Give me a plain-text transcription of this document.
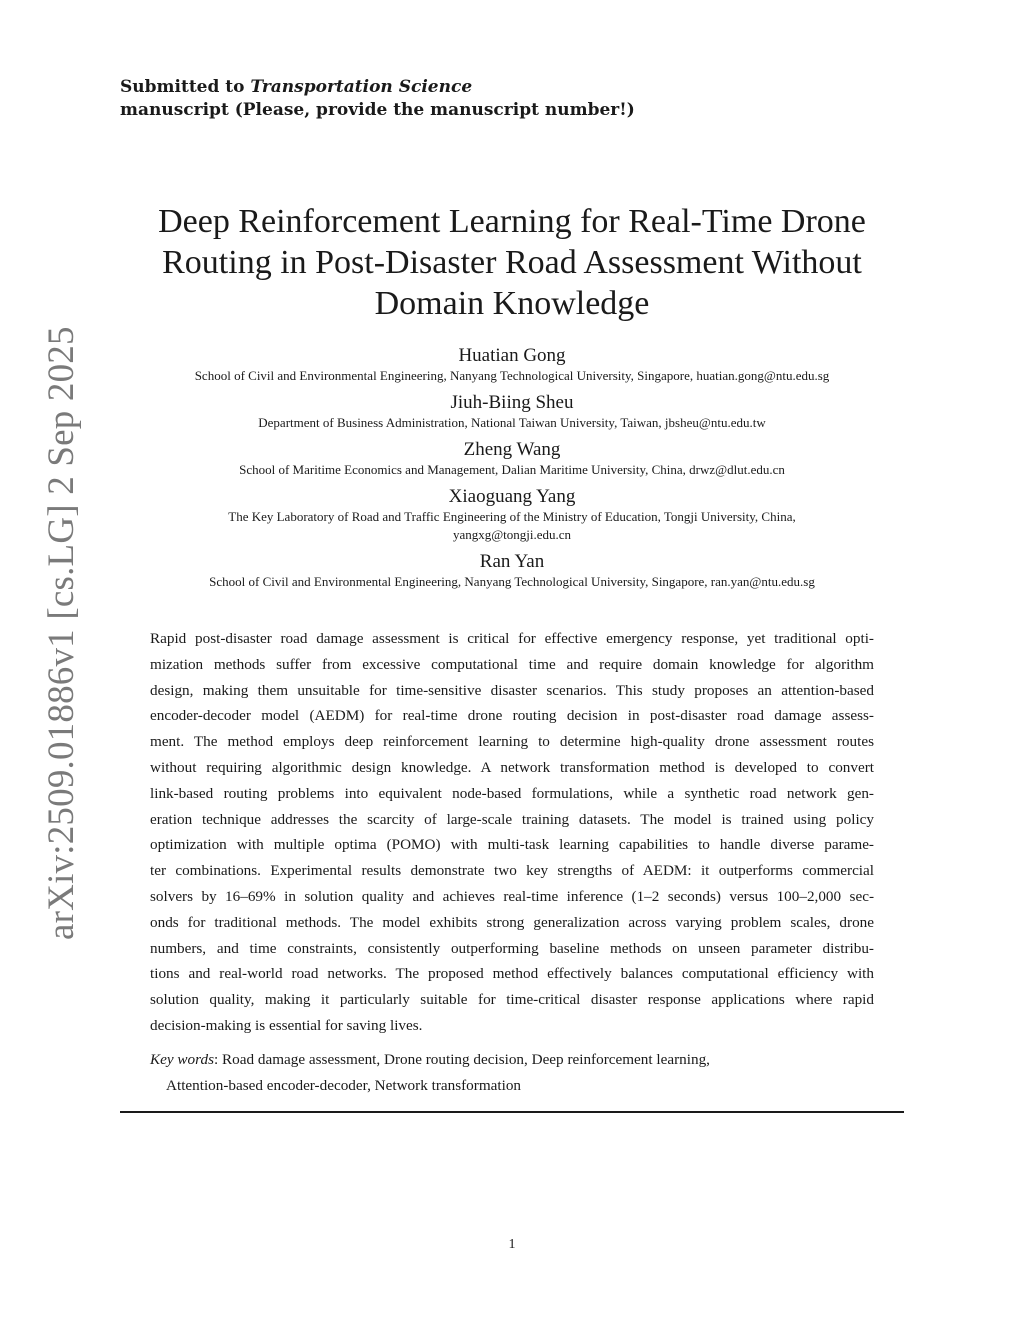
Submitted to Transportation Science
manuscript (Please, provide the manuscript number!)
arXiv:2509.01886v1 [cs.LG] 2 Sep 2025
Deep Reinforcement Learning for Real-Time Drone
Routing in Post-Disaster Road Assessment Without
Domain Knowledge
Huatian Gong
School of Civil and Environmental Engineering, Nanyang Technological University, Singapore, huatian.gong@ntu.edu.sg
Jiuh-Biing Sheu
Department of Business Administration, National Taiwan University, Taiwan, jbsheu@ntu.edu.tw
Zheng Wang
School of Maritime Economics and Management, Dalian Maritime University, China, drwz@dlut.edu.cn
Xiaoguang Yang
The Key Laboratory of Road and Traffic Engineering of the Ministry of Education, Tongji University, China,
yangxg@tongji.edu.cn
Ran Yan
School of Civil and Environmental Engineering, Nanyang Technological University, Singapore, ran.yan@ntu.edu.sg
Rapid post-disaster road damage assessment is critical for effective emergency response, yet traditional opti-
mization methods suffer from excessive computational time and require domain knowledge for algorithm
design, making them unsuitable for time-sensitive disaster scenarios. This study proposes an attention-based
encoder-decoder model (AEDM) for real-time drone routing decision in post-disaster road damage assess-
ment. The method employs deep reinforcement learning to determine high-quality drone assessment routes
without requiring algorithmic design knowledge. A network transformation method is developed to convert
link-based routing problems into equivalent node-based formulations, while a synthetic road network gen-
eration technique addresses the scarcity of large-scale training datasets. The model is trained using policy
optimization with multiple optima (POMO) with multi-task learning capabilities to handle diverse parame-
ter combinations. Experimental results demonstrate two key strengths of AEDM: it outperforms commercial
solvers by 16–69% in solution quality and achieves real-time inference (1–2 seconds) versus 100–2,000 sec-
onds for traditional methods. The model exhibits strong generalization across varying problem scales, drone
numbers, and time constraints, consistently outperforming baseline methods on unseen parameter distribu-
tions and real-world road networks. The proposed method effectively balances computational efficiency with
solution quality, making it particularly suitable for time-critical disaster response applications where rapid
decision-making is essential for saving lives.
Key words: Road damage assessment, Drone routing decision, Deep reinforcement learning,
Attention-based encoder-decoder, Network transformation
1
